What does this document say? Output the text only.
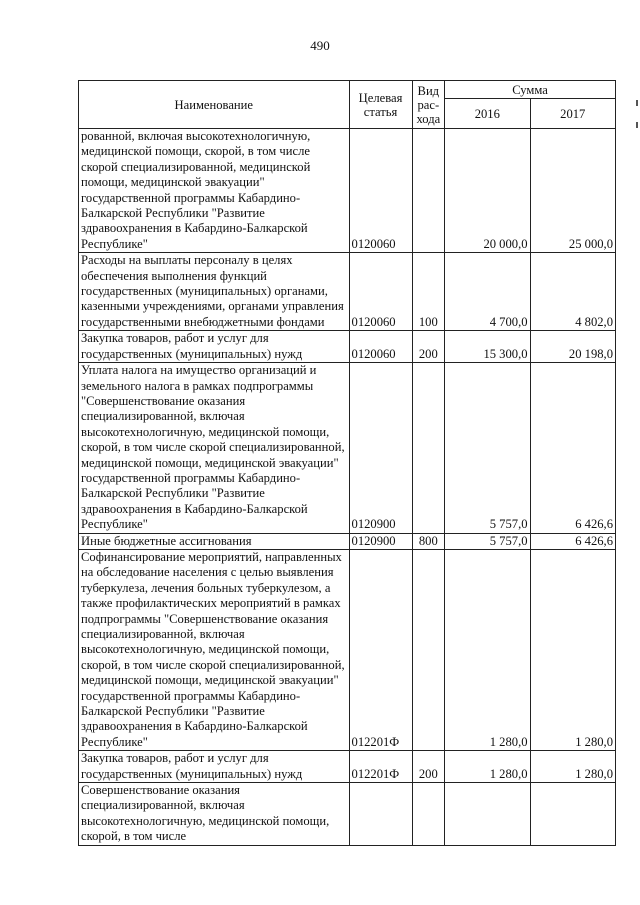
490
Наименование	Целевая статья	Вид рас-хода	Сумма	
			2016	2017
рованной, включая высокотехнологичную, медицинской помощи, скорой, в том числе скорой специализированной, медицинской помощи, медицинской эвакуации" государственной программы Кабардино-Балкарской Республики "Развитие здравоохранения в Кабардино-Балкарской Республике"	0120060		20 000,0	25 000,0
Расходы на выплаты персоналу в целях обеспечения выполнения функций государственных (муниципальных) органами, казенными учреждениями, органами управления государственными внебюджетными фондами	0120060	100	4 700,0	4 802,0
Закупка товаров, работ и услуг для государственных (муниципальных) нужд	0120060	200	15 300,0	20 198,0
Уплата налога на имущество организаций и земельного налога в рамках подпрограммы "Совершенствование оказания специализированной, включая высокотехнологичную, медицинской помощи, скорой, в том числе скорой специализированной, медицинской помощи, медицинской эвакуации" государственной программы Кабардино-Балкарской Республики "Развитие здравоохранения в Кабардино-Балкарской Республике"	0120900		5 757,0	6 426,6
Иные бюджетные ассигнования	0120900	800	5 757,0	6 426,6
Софинансирование мероприятий, направленных на обследование населения с целью выявления туберкулеза, лечения больных туберкулезом, а также профилактических мероприятий в рамках подпрограммы "Совершенствование оказания специализированной, включая высокотехнологичную, медицинской помощи, скорой, в том числе скорой специализированной, медицинской помощи, медицинской эвакуации" государственной программы Кабардино-Балкарской Республики "Развитие здравоохранения в Кабардино-Балкарской Республике"	012201Ф		1 280,0	1 280,0
Закупка товаров, работ и услуг для государственных (муниципальных) нужд	012201Ф	200	1 280,0	1 280,0
Совершенствование оказания специализированной, включая высокотехнологичную, медицинской помощи, скорой, в том числе				
